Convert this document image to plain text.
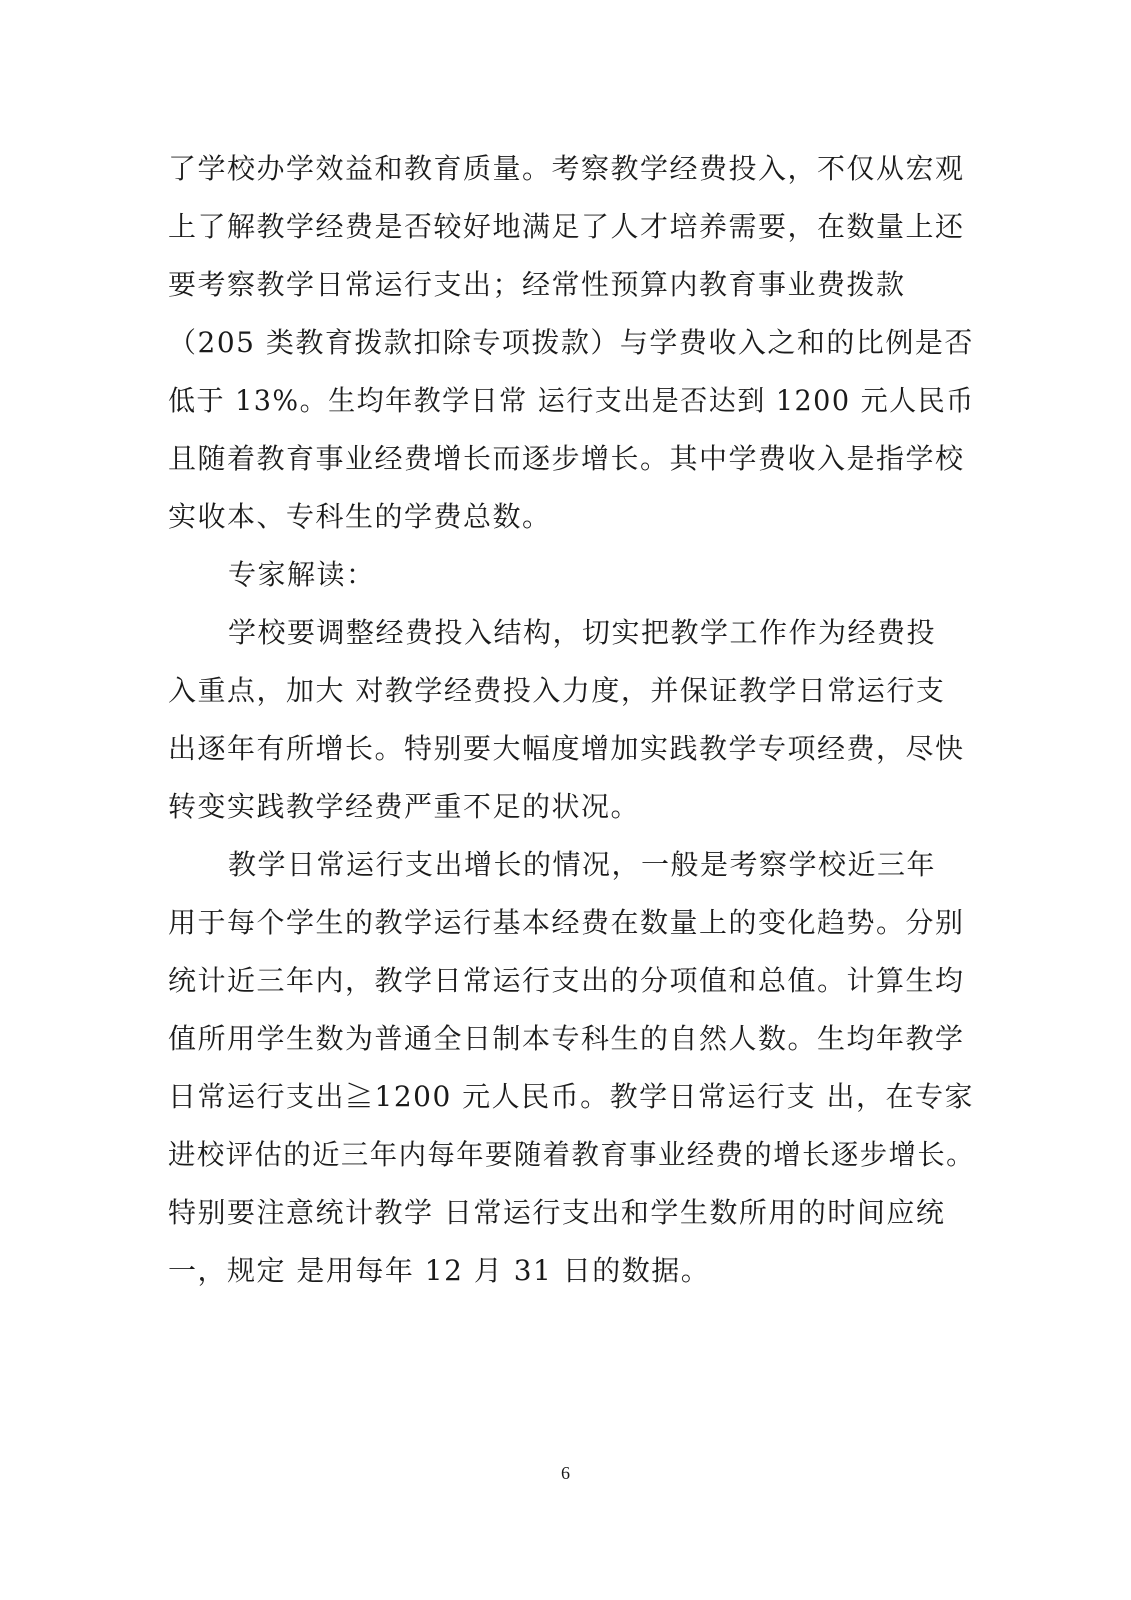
了学校办学效益和教育质量。考察教学经费投入，不仅从宏观
上了解教学经费是否较好地满足了人才培养需要，在数量上还
要考察教学日常运行支出；经常性预算内教育事业费拨款
（205 类教育拨款扣除专项拨款）与学费收入之和的比例是否
低于 13%。生均年教学日常 运行支出是否达到 1200 元人民币
且随着教育事业经费增长而逐步增长。其中学费收入是指学校
实收本、专科生的学费总数。
专家解读：
学校要调整经费投入结构，切实把教学工作作为经费投
入重点，加大 对教学经费投入力度，并保证教学日常运行支
出逐年有所增长。特别要大幅度增加实践教学专项经费，尽快
转变实践教学经费严重不足的状况。
教学日常运行支出增长的情况，一般是考察学校近三年
用于每个学生的教学运行基本经费在数量上的变化趋势。分别
统计近三年内，教学日常运行支出的分项值和总值。计算生均
值所用学生数为普通全日制本专科生的自然人数。生均年教学
日常运行支出≧1200 元人民币。教学日常运行支 出，在专家
进校评估的近三年内每年要随着教育事业经费的增长逐步增长。
特别要注意统计教学 日常运行支出和学生数所用的时间应统
一，规定 是用每年 12 月 31 日的数据。
6
